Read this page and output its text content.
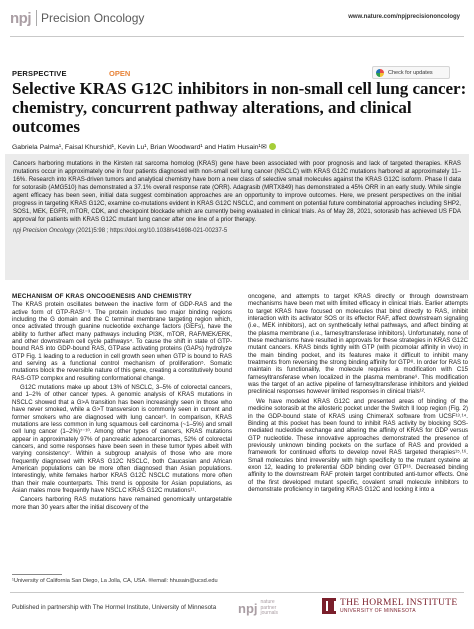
npj Precision Oncology	www.nature.com/npjprecisiononcology
PERSPECTIVE	OPEN	Check for updates
Selective KRAS G12C inhibitors in non-small cell lung cancer: chemistry, concurrent pathway alterations, and clinical outcomes
Gabriela Palma¹, Faisal Khurshid¹, Kevin Lu¹, Brian Woodward¹ and Hatim Husain¹✉

Cancers harboring mutations in the Kirsten rat sarcoma homolog (KRAS) gene have been associated with poor prognosis and lack of targeted therapies. KRAS mutations occur in approximately one in four patients diagnosed with non-small cell lung cancer (NSCLC) with KRAS G12C mutations harbored at approximately 11–16%. Research into KRAS-driven tumors and analytical chemistry have born a new class of selective small molecules against the KRAS G12C isoform. Phase II data for sotorasib (AMG510) has demonstrated a 37.1% overall response rate (ORR). Adagrasib (MRTX849) has demonstrated a 45% ORR in an early study. While single agent efficacy has been seen, initial data suggest combination approaches are an opportunity to improve outcomes. Here, we present perspectives on the initial progress in targeting KRAS G12C, examine co-mutations evident in KRAS G12C NSCLC, and comment on potential future combinatorial approaches including SHP2, SOS1, MEK, EGFR, mTOR, CDK, and checkpoint blockade which are currently being evaluated in clinical trials. As of May 28, 2021, sotorasib has achieved US FDA approval for patients with KRAS G12C mutant lung cancer after one line of a prior therapy.

npj Precision Oncology (2021)5:98 ; https://doi.org/10.1038/s41698-021-00237-5

MECHANISM OF KRAS ONCOGENESIS AND CHEMISTRY

The KRAS protein oscillates between the inactive form of GDP-RAS and the active form of GTP-RAS¹⁻³. The protein includes two major binding regions including the G domain and the C terminal membrane targeting region which, once activated through guanine nucleotide exchange factors (GEFs), have the ability to further affect many pathways including PI3K, mTOR, RAF/MEK/ERK, and other downstream cell cycle pathways⁴. To cause the shift in state of GTP-bound RAS into GDP-bound RAS, GTPase activating proteins (GAPs) hydrolyze GTP Fig. 1 leading to a reduction in cell growth seen when GTP is bound to RAS and serving as a functional control mechanism of proliferation⁵. Somatic mutations block the reversible nature of this gene, creating a constitutively bound RAS-GTP complex and resulting conformational change.

G12C mutations make up about 13% of NSCLC, 3–5% of colorectal cancers, and 1–2% of other cancer types. A genomic analysis of KRAS mutations in NSCLC showed that a G>A transition has been increasingly seen in those who have never smoked, while a G>T transversion is commonly seen in current and former smokers who are diagnosed with lung cancer⁶. In comparison, KRAS mutations are less common in lung squamous cell carcinoma (~1–5%) and small cell lung cancer (1–2%)⁷⁻¹⁰. Among other types of cancers, KRAS mutations appear in approximately 97% of pancreatic adenocarcinomas, 52% of colorectal cancers, and some responses have been seen in these tumor types albeit with varying consistency⁷. Within a subgroup analysis of those who are more frequently diagnosed with KRAS G12C NSCLC, both Caucasian and African American populations can be more often diagnosed than Asian populations. Interestingly, white females harbor KRAS G12C NSCLC mutations more often than their male counterparts. This trend is opposite for Asian populations, as Asian males more frequently have NSCLC KRAS G12C mutations¹¹.

Cancers harboring RAS mutations have remained genomically untargetable more than 30 years after the initial discovery of the

oncogene, and attempts to target KRAS directly or through downstream mechanisms have been met with limited efficacy in clinical trials. Earlier attempts to target KRAS have focused on molecules that bind directly to RAS, inhibit interaction with its activator SOS or its effector RAF, affect downstream signaling (i.e., MEK inhibitors), act on synthetically lethal pathways, and affect binding at the plasma membrane (i.e., farnesyltransferase inhibitors). Unfortunately, none of these mechanisms have resulted in approvals for these strategies in KRAS G12C mutant cancers. KRAS binds tightly with GTP (with picomolar affinity in vivo) in the main binding pocket, and its features make it difficult to inhibit many treatments from reversing the strong binding affinity for GTP⁸. In order for RAS to maintain its functionality, the molecule requires a modification with C15 farnesyltransferase when localized in the plasma membrane⁹. This modification was the target of an active pipeline of farnesyltransferase inhibitors and yielded preclinical responses however limited responses in clinical trials¹².

We have modeled KRAS G12C and presented areas of binding of the medicine sotorasib at the allosteric pocket under the Switch II loop region (Fig. 2) in the GDP-bound state of KRAS using ChimeraX software from UCSF¹³˒¹⁴. Binding at this pocket has been found to inhibit RAS activity by blocking SOS-mediated nucleotide exchange and altering the affinity of KRAS for GDP versus GTP nucleotide. These innovative approaches demonstrated the presence of previously unknown binding pockets on the surface of RAS and provided a framework for continued efforts to develop novel RAS targeted therapies¹⁵˒¹⁶. Small molecules bind irreversibly with high specificity to the mutant cysteine at exon 12, leading to preferential GDP binding over GTP¹⁶. Decreased binding affinity to the downstream RAF protein target contributed anti-tumor effects. One of the first developed mutant specific, covalent small molecule inhibitors to demonstrate proficiency in targeting KRAS G12C and locking it into a

¹University of California San Diego, La Jolla, CA, USA. ✉email: hhusain@ucsd.edu
Published in partnership with The Hormel Institute, University of Minnesota npj nature partner journals
THE HORMEL INSTITUTE
UNIVERSITY OF MINNESOTA
